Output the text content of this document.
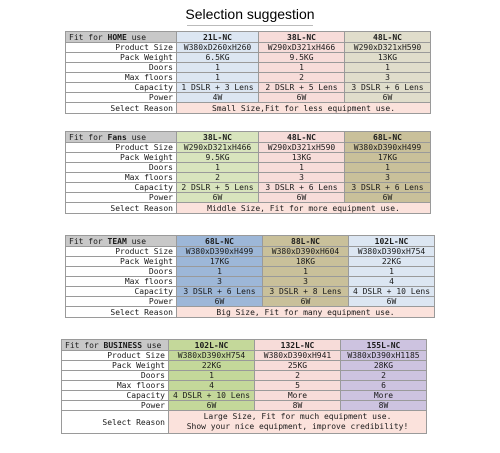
Selection suggestion
Fit for HOME use	21L-NC	38L-NC	48L-NC
Product Size	W380xD260xH260	W290xD321xH466	W290xD321xH590
Pack Weight	6.5KG	9.5KG	13KG
Doors	1	1	1
Max floors	1	2	3
Capacity	1 DSLR + 3 Lens	2 DSLR + 5 Lens	3 DSLR + 6 Lens
Power	4W	6W	6W
Select Reason	Small Size,Fit for less equipment use.		
Fit for Fans use	38L-NC	48L-NC	68L-NC
Product Size	W290xD321xH466	W290xD321xH590	W380xD390xH499
Pack Weight	9.5KG	13KG	17KG
Doors	1	1	1
Max floors	2	3	3
Capacity	2 DSLR + 5 Lens	3 DSLR + 6 Lens	3 DSLR + 6 Lens
Power	6W	6W	6W
Select Reason	Middle Size, Fit for more equipment use.		
Fit for TEAM use	68L-NC	88L-NC	102L-NC
Product Size	W380xD390xH499	W380xD390xH604	W380xD390xH754
Pack Weight	17KG	18KG	22KG
Doors	1	1	1
Max floors	3	3	4
Capacity	3 DSLR + 6 Lens	3 DSLR + 8 Lens	4 DSLR + 10 Lens
Power	6W	6W	6W
Select Reason	Big Size, Fit for many equipment use.		
Fit for BUSINESS use	102L-NC	132L-NC	155L-NC
Product Size	W380xD390xH754	W380xD390xH941	W380xD390xH1185
Pack Weight	22KG	25KG	28KG
Doors	1	2	2
Max floors	4	5	6
Capacity	4 DSLR + 10 Lens	More	More
Power	6W	8W	8W
Select Reason	Large Size, Fit for much equipment use.
Show your nice equipment, improve credibility!		
